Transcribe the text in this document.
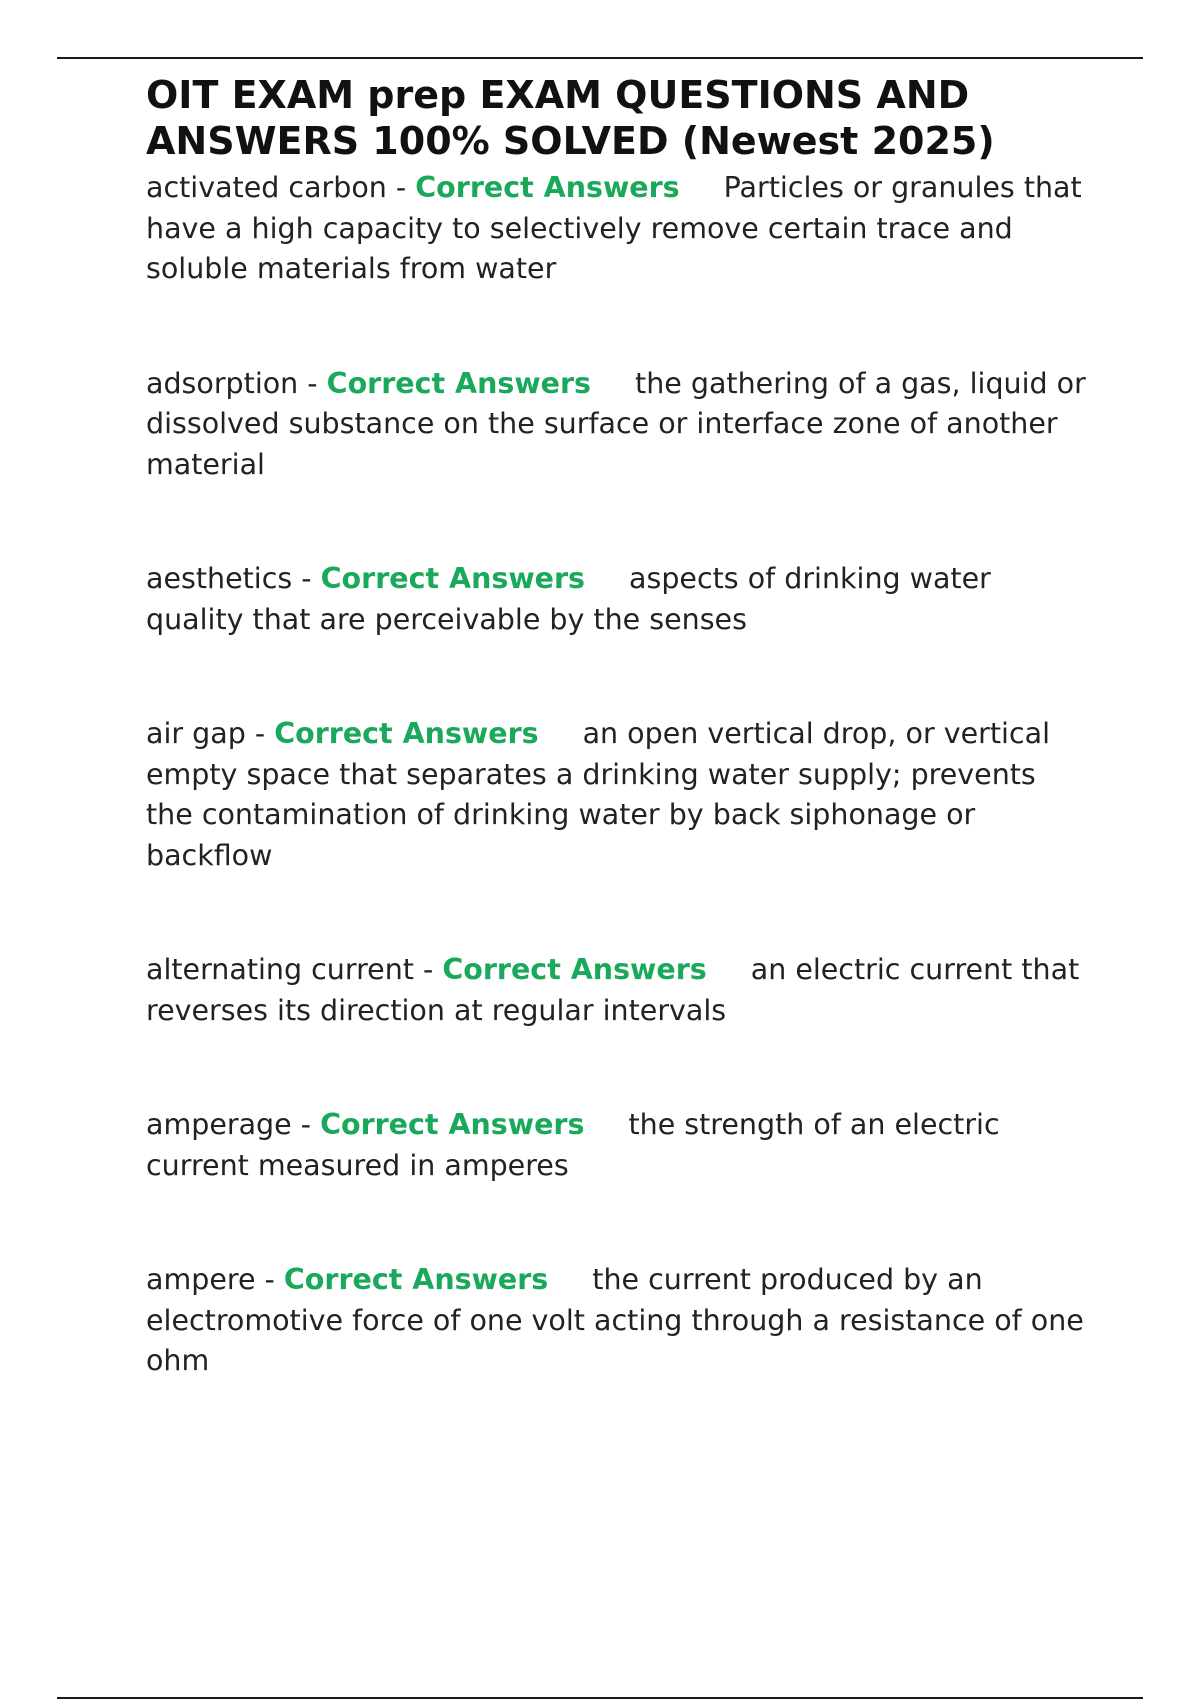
OIT EXAM prep EXAM QUESTIONS AND ANSWERS 100% SOLVED (Newest 2025)

activated carbon - Correct Answers Particles or granules that have a high capacity to selectively remove certain trace and soluble materials from water

adsorption - Correct Answers the gathering of a gas, liquid or dissolved substance on the surface or interface zone of another material

aesthetics - Correct Answers aspects of drinking water quality that are perceivable by the senses

air gap - Correct Answers an open vertical drop, or vertical empty space that separates a drinking water supply; prevents the contamination of drinking water by back siphonage or backflow

alternating current - Correct Answers an electric current that reverses its direction at regular intervals

amperage - Correct Answers the strength of an electric current measured in amperes

ampere - Correct Answers the current produced by an electromotive force of one volt acting through a resistance of one ohm
